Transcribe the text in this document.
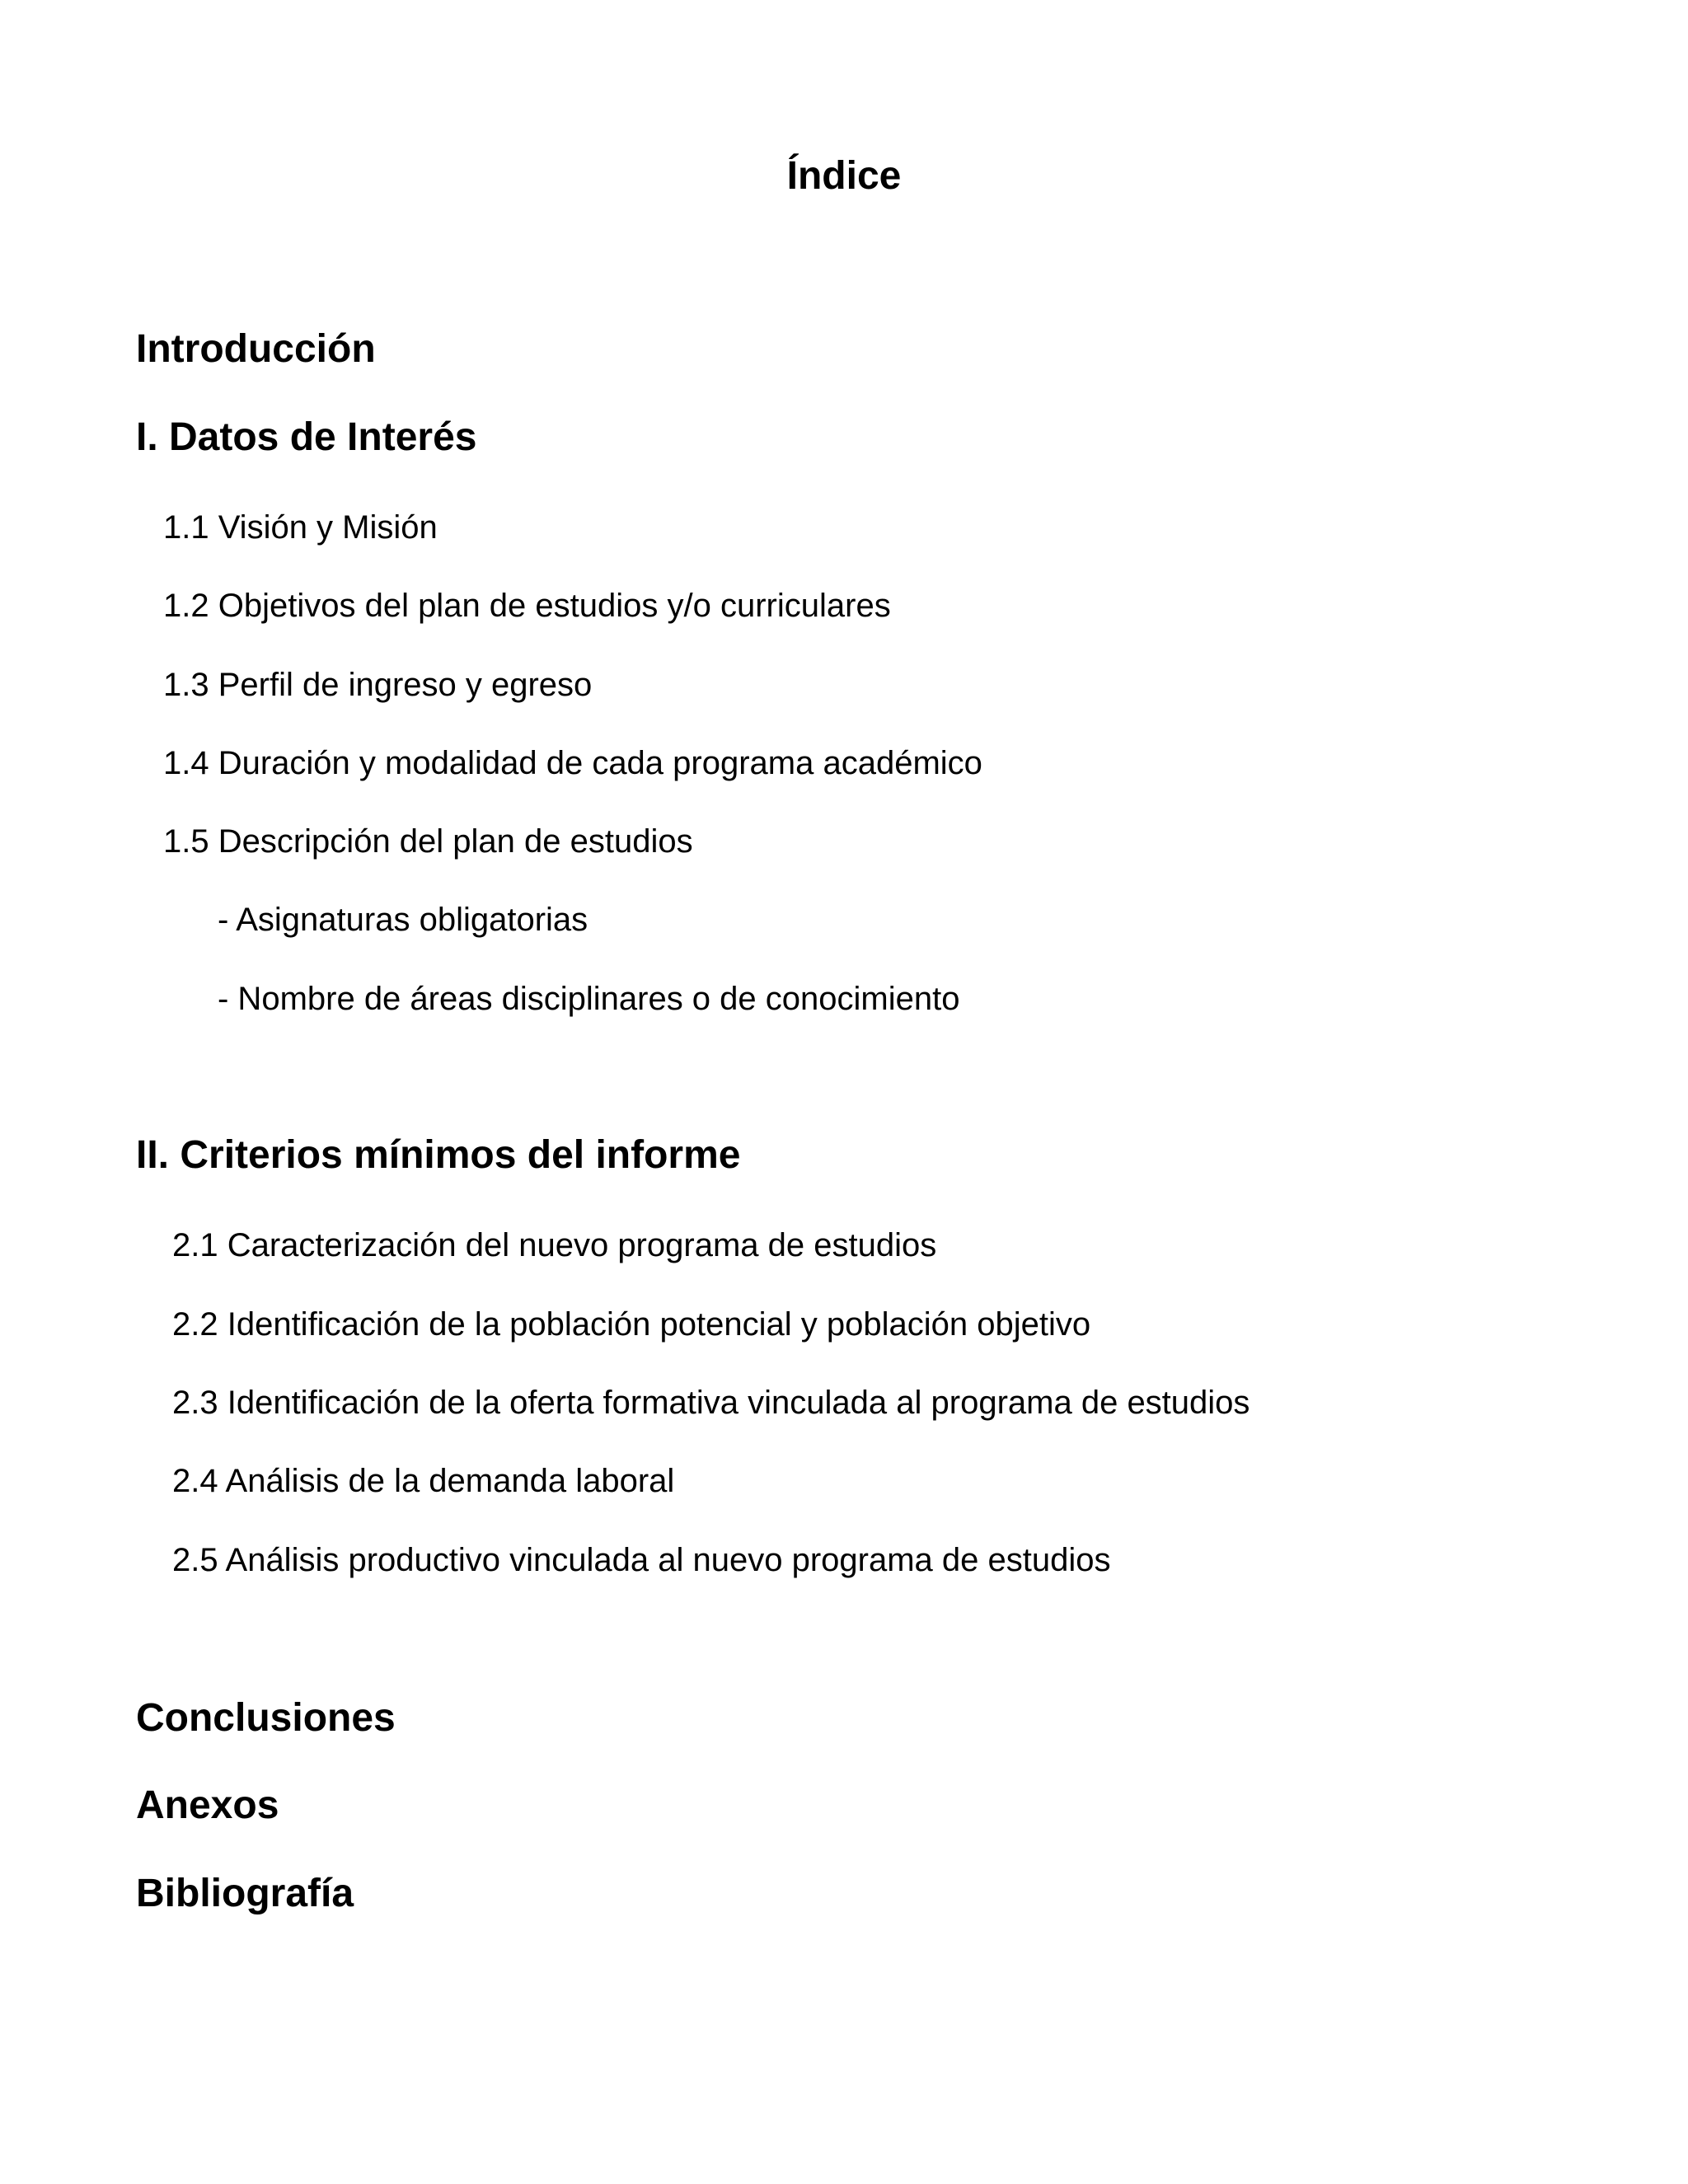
Índice
Introducción
I. Datos de Interés
1.1 Visión y Misión
1.2 Objetivos del plan de estudios y/o curriculares
1.3 Perfil de ingreso y egreso
1.4 Duración y modalidad de cada programa académico
1.5 Descripción del plan de estudios
- Asignaturas obligatorias
- Nombre de áreas disciplinares o de conocimiento
II. Criterios mínimos del informe
2.1 Caracterización del nuevo programa de estudios
2.2 Identificación de la población potencial y población objetivo
2.3 Identificación de la oferta formativa vinculada al programa de estudios
2.4 Análisis de la demanda laboral
2.5 Análisis productivo vinculada al nuevo programa de estudios
Conclusiones
Anexos
Bibliografía
